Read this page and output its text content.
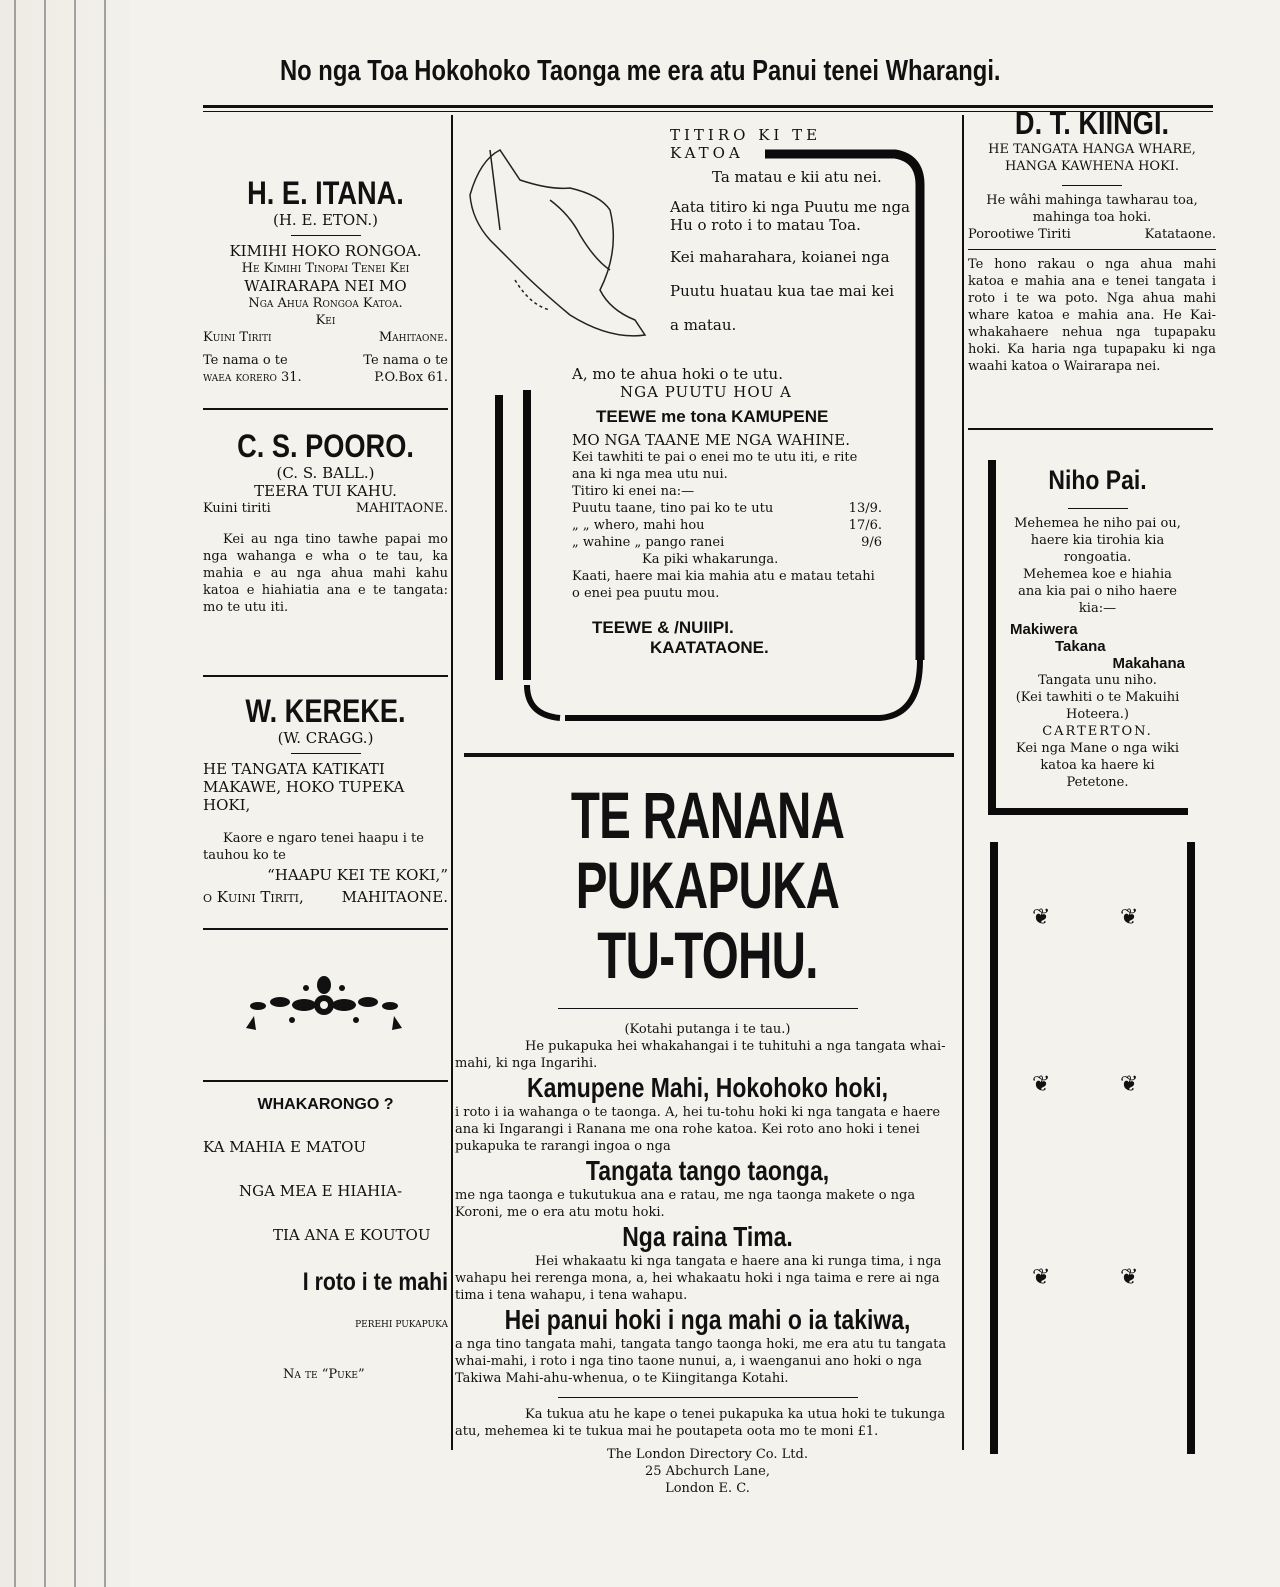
No nga Toa Hokohoko Taonga me era atu Panui tenei Wharangi.
H. E. ITANA.
(H. E. ETON.)
KIMIHI HOKO RONGOA.
He Kimihi Tinopai Tenei Kei
WAIRARAPA NEI MO
Nga Ahua Rongoa Katoa.
Kei
Kuini Tiriti	Mahitaone.
Te nama o te
waea korero 31.
Te nama o te
P.O.Box 61.
C. S. POORO.
(C. S. BALL.)
TEERA TUI KAHU.
Kuini tiriti	MAHITAONE.
Kei au nga tino tawhe papai mo nga wahanga e wha o te tau, ka mahia e au nga ahua mahi kahu katoa e hiahiatia ana e te tangata: mo te utu iti.
W. KEREKE.
(W. CRAGG.)
HE TANGATA KATIKATI MAKAWE, HOKO TUPEKA HOKI,
Kaore e ngaro tenei haapu i te tauhou ko te
“HAAPU KEI TE KOKI,”
o Kuini Tiriti,	MAHITAONE.
WHAKARONGO ?
KA MAHIA E MATOU
NGA MEA E HIAHIA-
TIA ANA E KOUTOU
I roto i te mahi
PEREHI PUKAPUKA
Na te “Puke”
TITIRO KI TE
KATOA
Ta matau e kii atu nei.
Aata titiro ki nga Puutu me nga Hu o roto i to matau Toa.
Kei maharahara, koianei nga
Puutu huatau kua tae mai kei
a matau.
A, mo te ahua hoki o te utu.
NGA PUUTU HOU A
TEEWE me tona KAMUPENE
MO NGA TAANE ME NGA WAHINE.
Kei tawhiti te pai o enei mo te utu iti, e rite ana ki nga mea utu nui.
Titiro ki enei na:—
Puutu taane, tino pai ko te utu	13/9.
„ „ whero, mahi hou	17/6.
„ wahine „ pango ranei	9/6
Ka piki whakarunga.
Kaati, haere mai kia mahia atu e matau tetahi o enei pea puutu mou.
TEEWE & /NUIIPI.
KAATATAONE.
TE RANANA PUKAPUKA
TU-TOHU.
(Kotahi putanga i te tau.)
He pukapuka hei whakahangai i te tuhituhi a nga tangata whai-mahi, ki nga Ingarihi.
Kamupene Mahi, Hokohoko hoki,
i roto i ia wahanga o te taonga. A, hei tu-tohu hoki ki nga tangata e haere ana ki Ingarangi i Ranana me ona rohe katoa. Kei roto ano hoki i tenei pukapuka te rarangi ingoa o nga
Tangata tango taonga,
me nga taonga e tukutukua ana e ratau, me nga taonga makete o nga Koroni, me o era atu motu hoki.
Nga raina Tima.
Hei whakaatu ki nga tangata e haere ana ki runga tima, i nga wahapu hei rerenga mona, a, hei whakaatu hoki i nga taima e rere ai nga tima i tena wahapu, i tena wahapu.
Hei panui hoki i nga mahi o ia takiwa,
a nga tino tangata mahi, tangata tango taonga hoki, me era atu tu tangata whai-mahi, i roto i nga tino taone nunui, a, i waenganui ano hoki o nga Takiwa Mahi-ahu-whenua, o te Kiingitanga Kotahi.
Ka tukua atu he kape o tenei pukapuka ka utua hoki te tukunga atu, mehemea ki te tukua mai he poutapeta oota mo te moni £1.
The London Directory Co. Ltd.
25 Abchurch Lane,
London E. C.
D. T. KIINGI.
HE TANGATA HANGA WHARE, HANGA KAWHENA HOKI.
He wâhi mahinga tawharau toa, mahinga toa hoki.
Porootiwe Tiriti	Katataone.
Te hono rakau o nga ahua mahi katoa e mahia ana e tenei tangata i roto i te wa poto. Nga ahua mahi whare katoa e mahia ana. He Kai-whakahaere nehua nga tupapaku hoki. Ka haria nga tupapaku ki nga waahi katoa o Wairarapa nei.
Niho Pai.
Mehemea he niho pai ou, haere kia tirohia kia rongoatia.
Mehemea koe e hiahia ana kia pai o niho haere kia:—
Makiwera
Takana
Makahana
Tangata unu niho.
(Kei tawhiti o te Makuihi Hoteera.)
CARTERTON.
Kei nga Mane o nga wiki katoa ka haere ki Petetone.
❦	❦
❦	❦
❦	❦
